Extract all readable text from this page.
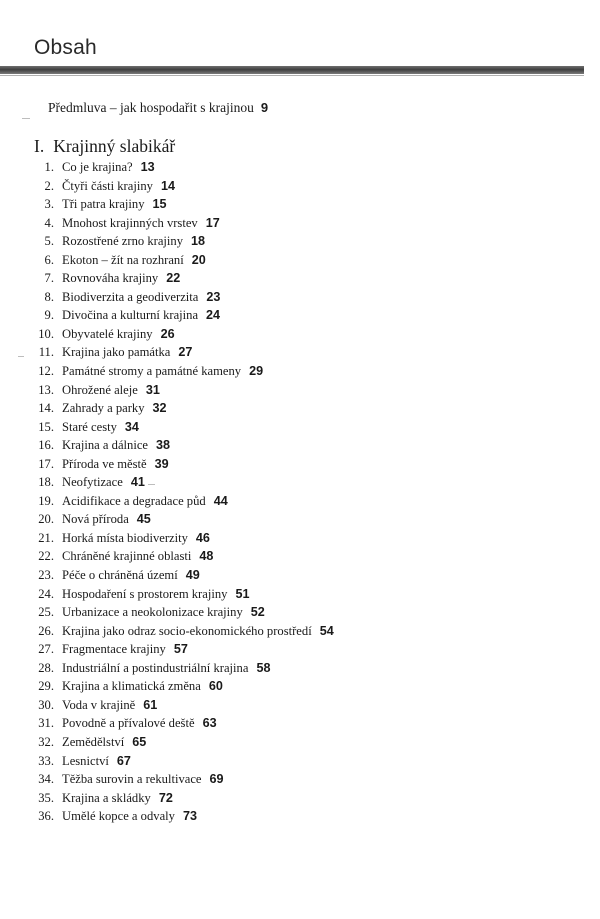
Obsah
Předmluva – jak hospodařit s krajinou 9
I. Krajinný slabikář
1. Co je krajina? 13
2. Čtyři části krajiny 14
3. Tři patra krajiny 15
4. Mnohost krajinných vrstev 17
5. Rozostřené zrno krajiny 18
6. Ekoton – žít na rozhraní 20
7. Rovnováha krajiny 22
8. Biodiverzita a geodiverzita 23
9. Divočina a kulturní krajina 24
10. Obyvatelé krajiny 26
11. Krajina jako památka 27
12. Památné stromy a památné kameny 29
13. Ohrožené aleje 31
14. Zahrady a parky 32
15. Staré cesty 34
16. Krajina a dálnice 38
17. Příroda ve městě 39
18. Neofytizace 41
19. Acidifikace a degradace půd 44
20. Nová příroda 45
21. Horká místa biodiverzity 46
22. Chráněné krajinné oblasti 48
23. Péče o chráněná území 49
24. Hospodaření s prostorem krajiny 51
25. Urbanizace a neokolonizace krajiny 52
26. Krajina jako odraz socio-ekonomického prostředí 54
27. Fragmentace krajiny 57
28. Industriální a postindustriální krajina 58
29. Krajina a klimatická změna 60
30. Voda v krajině 61
31. Povodně a přívalové deště 63
32. Zemědělství 65
33. Lesnictví 67
34. Těžba surovin a rekultivace 69
35. Krajina a skládky 72
36. Umělé kopce a odvaly 73
